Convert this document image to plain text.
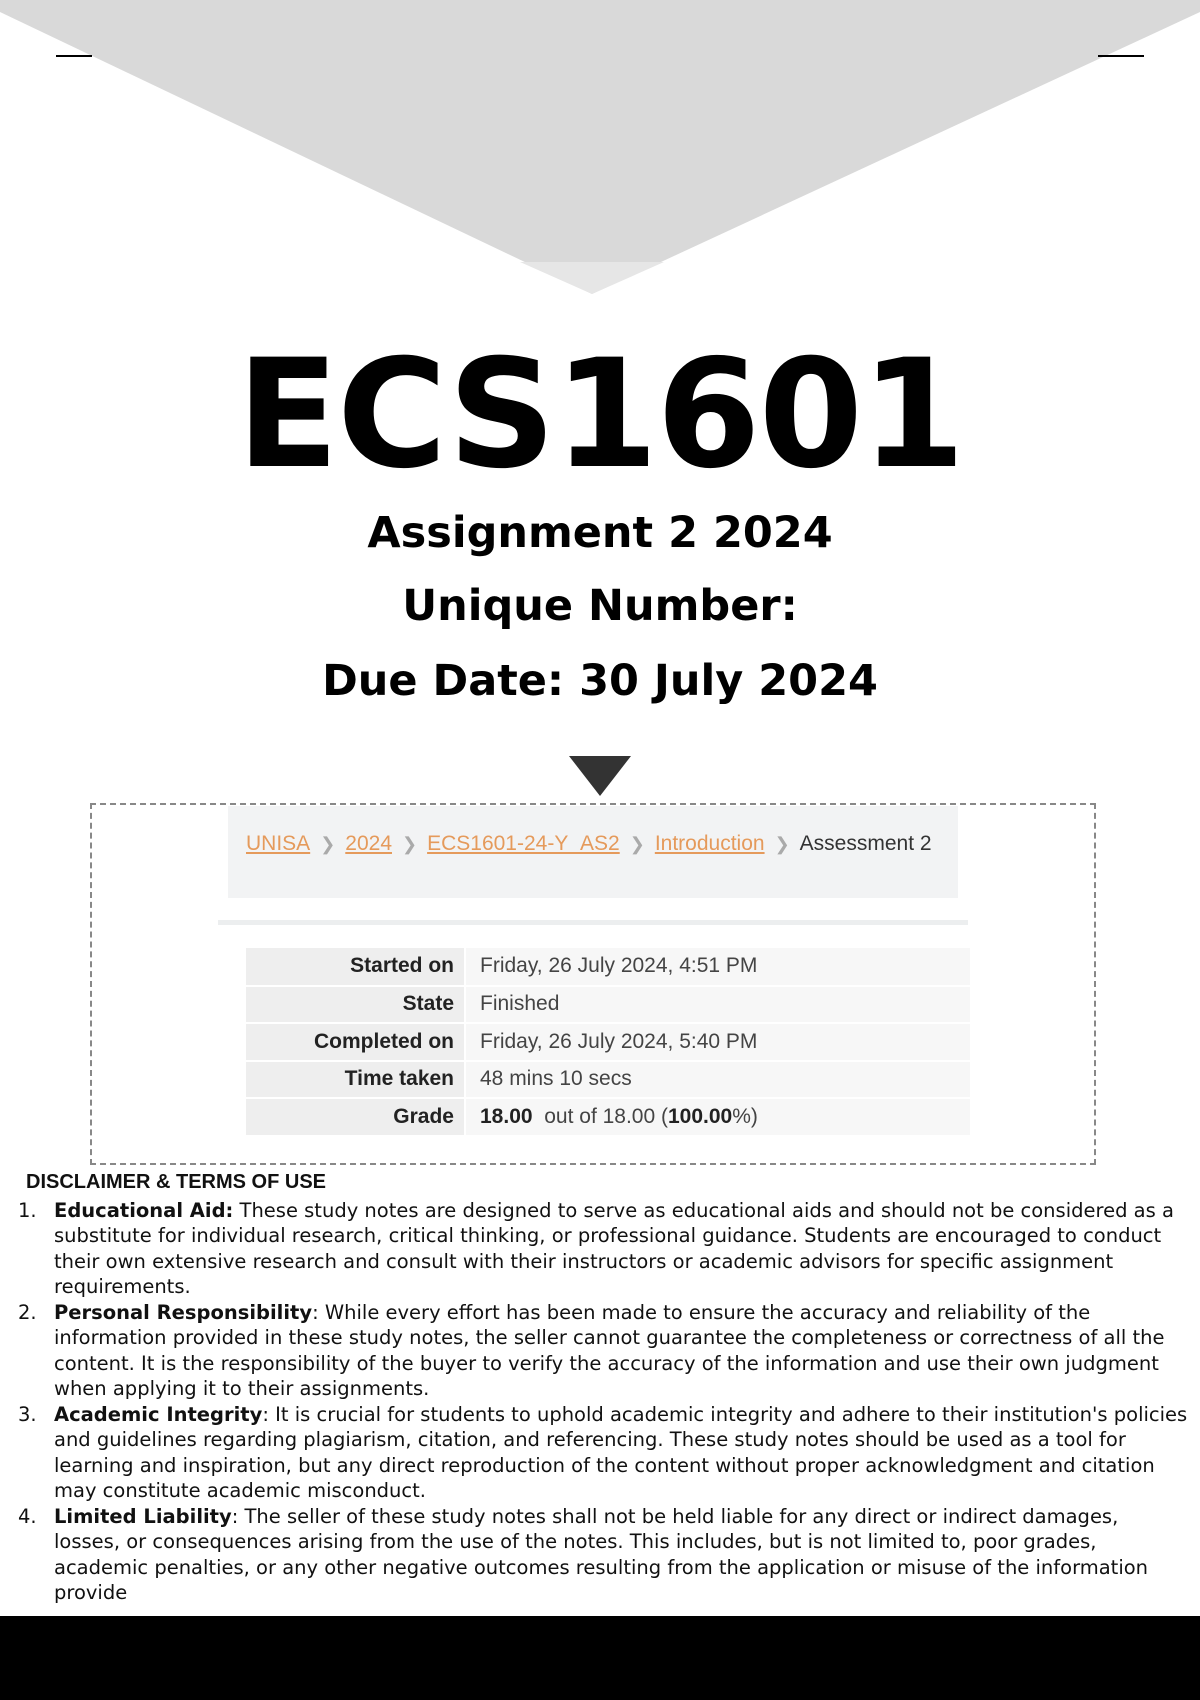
ECS1601
Assignment 2 2024
Unique Number:
Due Date: 30 July 2024
UNISA ❯ 2024 ❯ ECS1601-24-Y_AS2 ❯ Introduction ❯ Assessment 2
Started on	Friday, 26 July 2024, 4:51 PM
State	Finished
Completed on	Friday, 26 July 2024, 5:40 PM
Time taken	48 mins 10 secs
Grade	18.00 out of 18.00 (100.00%)
DISCLAIMER & TERMS OF USE
1. Educational Aid: These study notes are designed to serve as educational aids and should not be considered as a substitute for individual research, critical thinking, or professional guidance. Students are encouraged to conduct their own extensive research and consult with their instructors or academic advisors for specific assignment requirements.
2. Personal Responsibility: While every effort has been made to ensure the accuracy and reliability of the information provided in these study notes, the seller cannot guarantee the completeness or correctness of all the content. It is the responsibility of the buyer to verify the accuracy of the information and use their own judgment when applying it to their assignments.
3. Academic Integrity: It is crucial for students to uphold academic integrity and adhere to their institution's policies and guidelines regarding plagiarism, citation, and referencing. These study notes should be used as a tool for learning and inspiration, but any direct reproduction of the content without proper acknowledgment and citation may constitute academic misconduct.
4. Limited Liability: The seller of these study notes shall not be held liable for any direct or indirect damages, losses, or consequences arising from the use of the notes. This includes, but is not limited to, poor grades, academic penalties, or any other negative outcomes resulting from the application or misuse of the information provide
